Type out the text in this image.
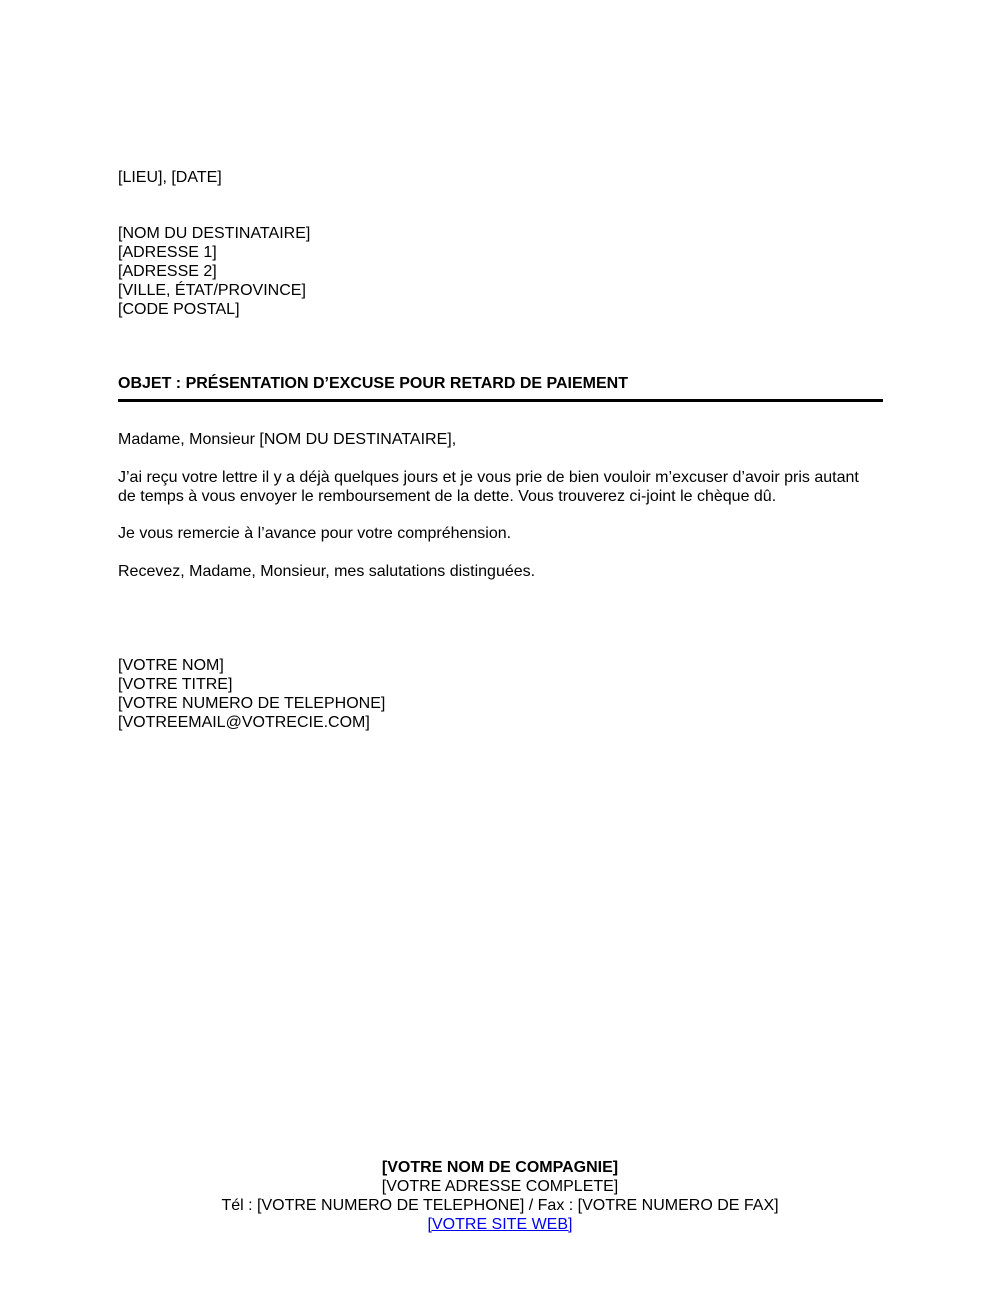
[LIEU], [DATE]
[NOM DU DESTINATAIRE]
[ADRESSE 1]
[ADRESSE 2]
[VILLE, ÉTAT/PROVINCE]
[CODE POSTAL]
OBJET : PRÉSENTATION D’EXCUSE POUR RETARD DE PAIEMENT
Madame, Monsieur [NOM DU DESTINATAIRE],
J’ai reçu votre lettre il y a déjà quelques jours et je vous prie de bien vouloir m’excuser d’avoir pris autant
de temps à vous envoyer le remboursement de la dette. Vous trouverez ci-joint le chèque dû.
Je vous remercie à l’avance pour votre compréhension.
Recevez, Madame, Monsieur, mes salutations distinguées.
[VOTRE NOM]
[VOTRE TITRE]
[VOTRE NUMERO DE TELEPHONE]
[VOTREEMAIL@VOTRECIE.COM]
[VOTRE NOM DE COMPAGNIE]
[VOTRE ADRESSE COMPLETE]
Tél : [VOTRE NUMERO DE TELEPHONE] / Fax : [VOTRE NUMERO DE FAX]
[VOTRE SITE WEB]
